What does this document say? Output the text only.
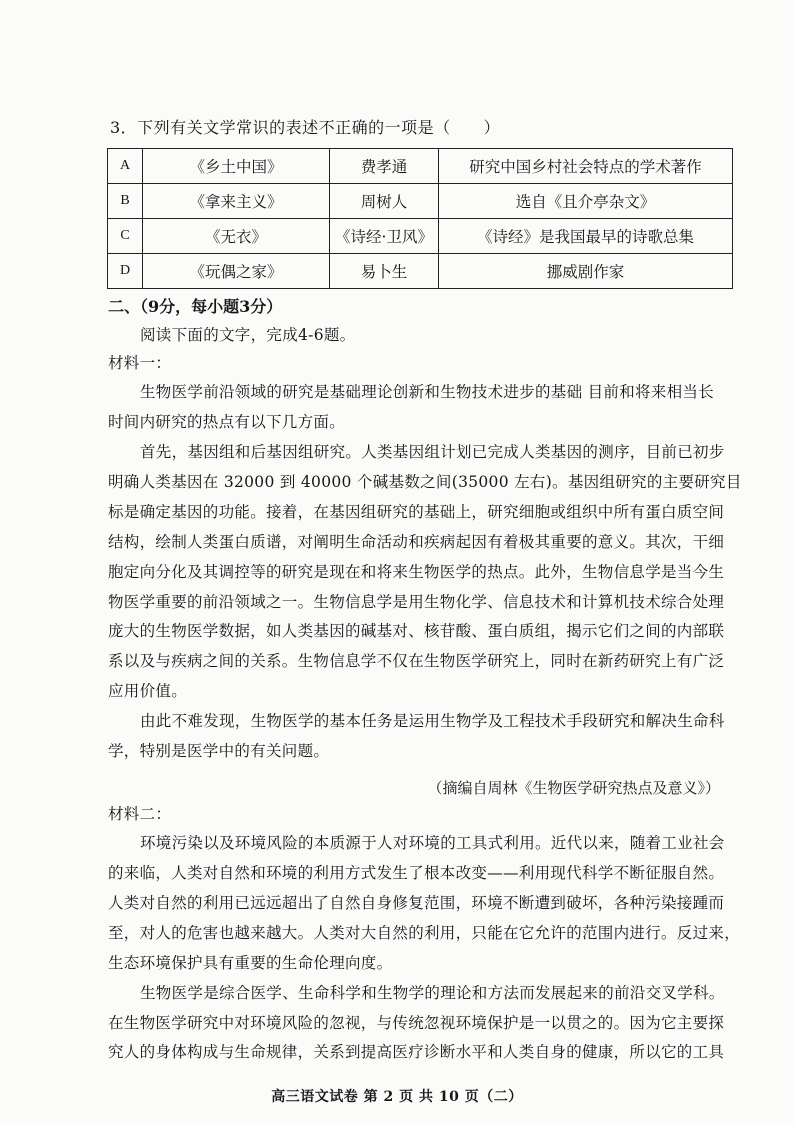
3．下列有关文学常识的表述不正确的一项是（　　）
A	《乡土中国》	费孝通	研究中国乡村社会特点的学术著作
B	《拿来主义》	周树人	选自《且介亭杂文》
C	《无衣》	《诗经·卫风》	《诗经》是我国最早的诗歌总集
D	《玩偶之家》	易卜生	挪威剧作家
二、（9分，每小题3分）
阅读下面的文字，完成4-6题。
材料一：
生物医学前沿领域的研究是基础理论创新和生物技术进步的基础 目前和将来相当长
时间内研究的热点有以下几方面。
首先，基因组和后基因组研究。人类基因组计划已完成人类基因的测序，目前已初步
明确人类基因在 32000 到 40000 个碱基数之间(35000 左右)。基因组研究的主要研究目
标是确定基因的功能。接着，在基因组研究的基础上，研究细胞或组织中所有蛋白质空间
结构，绘制人类蛋白质谱，对阐明生命活动和疾病起因有着极其重要的意义。其次，干细
胞定向分化及其调控等的研究是现在和将来生物医学的热点。此外，生物信息学是当今生
物医学重要的前沿领域之一。生物信息学是用生物化学、信息技术和计算机技术综合处理
庞大的生物医学数据，如人类基因的碱基对、核苷酸、蛋白质组，揭示它们之间的内部联
系以及与疾病之间的关系。生物信息学不仅在生物医学研究上，同时在新药研究上有广泛
应用价值。
由此不难发现，生物医学的基本任务是运用生物学及工程技术手段研究和解决生命科
学，特别是医学中的有关问题。
（摘编自周林《生物医学研究热点及意义》）
材料二：
环境污染以及环境风险的本质源于人对环境的工具式利用。近代以来，随着工业社会
的来临，人类对自然和环境的利用方式发生了根本改变——利用现代科学不断征服自然。
人类对自然的利用已远远超出了自然自身修复范围，环境不断遭到破坏，各种污染接踵而
至，对人的危害也越来越大。人类对大自然的利用，只能在它允许的范围内进行。反过来，
生态环境保护具有重要的生命伦理向度。
生物医学是综合医学、生命科学和生物学的理论和方法而发展起来的前沿交叉学科。
在生物医学研究中对环境风险的忽视，与传统忽视环境保护是一以贯之的。因为它主要探
究人的身体构成与生命规律，关系到提高医疗诊断水平和人类自身的健康，所以它的工具
高三语文试卷 第 2 页 共 10 页（二）
